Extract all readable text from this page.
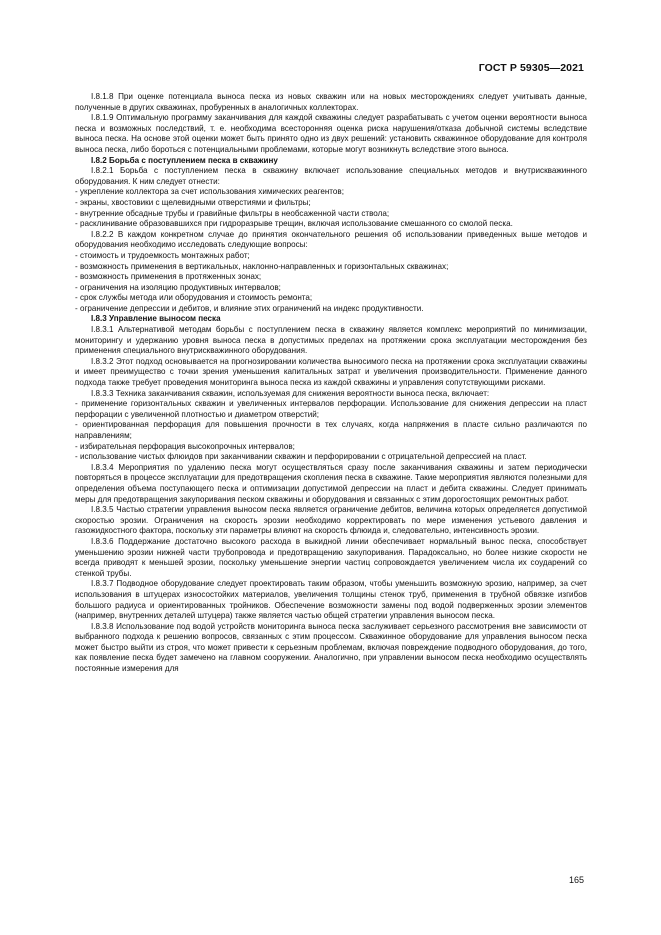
ГОСТ Р 59305—2021

I.8.1.8 При оценке потенциала выноса песка из новых скважин или на новых месторождениях следует учитывать данные, полученные в других скважинах, пробуренных в аналогичных коллекторах.

I.8.1.9 Оптимальную программу заканчивания для каждой скважины следует разрабатывать с учетом оценки вероятности выноса песка и возможных последствий, т. е. необходима всесторонняя оценка риска нарушения/отказа добычной системы вследствие выноса песка. На основе этой оценки может быть принято одно из двух решений: установить скважинное оборудование для контроля выноса песка, либо бороться с потенциальными проблемами, которые могут возникнуть вследствие этого выноса.

I.8.2 Борьба с поступлением песка в скважину

I.8.2.1 Борьба с поступлением песка в скважину включает использование специальных методов и внутрискважинного оборудования. К ним следует отнести:

- укрепление коллектора за счет использования химических реагентов;

- экраны, хвостовики с щелевидными отверстиями и фильтры;

- внутренние обсадные трубы и гравийные фильтры в необсаженной части ствола;

- расклинивание образовавшихся при гидроразрыве трещин, включая использование смешанного со смолой песка.

I.8.2.2 В каждом конкретном случае до принятия окончательного решения об использовании приведенных выше методов и оборудования необходимо исследовать следующие вопросы:

- стоимость и трудоемкость монтажных работ;

- возможность применения в вертикальных, наклонно-направленных и горизонтальных скважинах;

- возможность применения в протяженных зонах;

- ограничения на изоляцию продуктивных интервалов;

- срок службы метода или оборудования и стоимость ремонта;

- ограничение депрессии и дебитов, и влияние этих ограничений на индекс продуктивности.

I.8.3 Управление выносом песка

I.8.3.1 Альтернативой методам борьбы с поступлением песка в скважину является комплекс мероприятий по минимизации, мониторингу и удержанию уровня выноса песка в допустимых пределах на протяжении срока эксплуатации месторождения без применения специального внутрискважинного оборудования.

I.8.3.2 Этот подход основывается на прогнозировании количества выносимого песка на протяжении срока эксплуатации скважины и имеет преимущество с точки зрения уменьшения капитальных затрат и увеличения производительности. Применение данного подхода также требует проведения мониторинга выноса песка из каждой скважины и управления сопутствующими рисками.

I.8.3.3 Техника заканчивания скважин, используемая для снижения вероятности выноса песка, включает:

- применение горизонтальных скважин и увеличенных интервалов перфорации. Использование для снижения депрессии на пласт перфорации с увеличенной плотностью и диаметром отверстий;

- ориентированная перфорация для повышения прочности в тех случаях, когда напряжения в пласте сильно различаются по направлениям;

- избирательная перфорация высокопрочных интервалов;

- использование чистых флюидов при заканчивании скважин и перфорировании с отрицательной депрессией на пласт.

I.8.3.4 Мероприятия по удалению песка могут осуществляться сразу после заканчивания скважины и затем периодически повторяться в процессе эксплуатации для предотвращения скопления песка в скважине. Такие мероприятия являются полезными для определения объема поступающего песка и оптимизации допустимой депрессии на пласт и дебита скважины. Следует принимать меры для предотвращения закупоривания песком скважины и оборудования и связанных с этим дорогостоящих ремонтных работ.

I.8.3.5 Частью стратегии управления выносом песка является ограничение дебитов, величина которых определяется допустимой скоростью эрозии. Ограничения на скорость эрозии необходимо корректировать по мере изменения устьевого давления и газожидкостного фактора, поскольку эти параметры влияют на скорость флюида и, следовательно, интенсивность эрозии.

I.8.3.6 Поддержание достаточно высокого расхода в выкидной линии обеспечивает нормальный вынос песка, способствует уменьшению эрозии нижней части трубопровода и предотвращению закупоривания. Парадоксально, но более низкие скорости не всегда приводят к меньшей эрозии, поскольку уменьшение энергии частиц сопровождается увеличением числа их соударений со стенкой трубы.

I.8.3.7 Подводное оборудование следует проектировать таким образом, чтобы уменьшить возможную эрозию, например, за счет использования в штуцерах износостойких материалов, увеличения толщины стенок труб, применения в трубной обвязке изгибов большого радиуса и ориентированных тройников. Обеспечение возможности замены под водой подверженных эрозии элементов (например, внутренних деталей штуцера) также является частью общей стратегии управления выносом песка.

I.8.3.8 Использование под водой устройств мониторинга выноса песка заслуживает серьезного рассмотрения вне зависимости от выбранного подхода к решению вопросов, связанных с этим процессом. Скважинное оборудование для управления выносом песка может быстро выйти из строя, что может привести к серьезным проблемам, включая повреждение подводного оборудования, до того, как появление песка будет замечено на главном сооружении. Аналогично, при управлении выносом песка необходимо осуществлять постоянные измерения для

165
